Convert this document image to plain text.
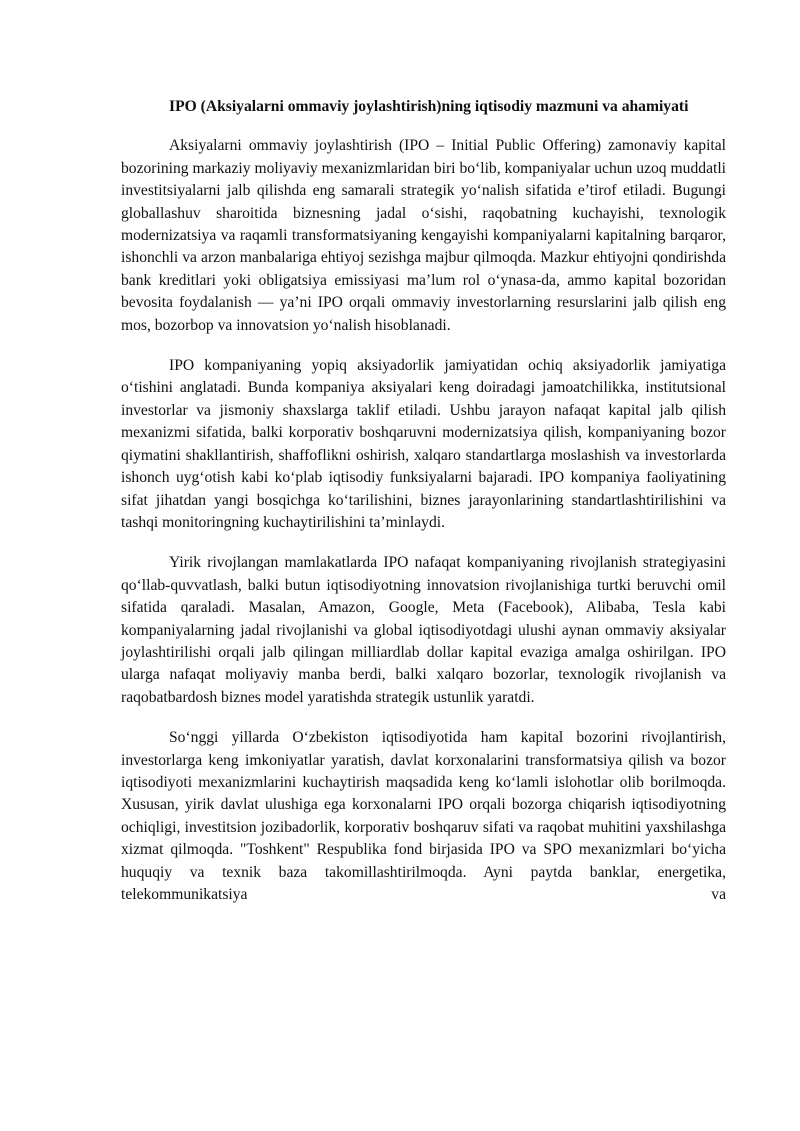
IPO (Aksiyalarni ommaviy joylashtirish)ning iqtisodiy mazmuni va ahamiyati

Aksiyalarni ommaviy joylashtirish (IPO – Initial Public Offering) zamonaviy kapital bozorining markaziy moliyaviy mexanizmlaridan biri bo‘lib, kompaniyalar uchun uzoq muddatli investitsiyalarni jalb qilishda eng samarali strategik yo‘nalish sifatida e’tirof etiladi. Bugungi globallashuv sharoitida biznesning jadal o‘sishi, raqobatning kuchayishi, texnologik modernizatsiya va raqamli transformatsiyaning kengayishi kompaniyalarni kapitalning barqaror, ishonchli va arzon manbalariga ehtiyoj sezishga majbur qilmoqda. Mazkur ehtiyojni qondirishda bank kreditlari yoki obligatsiya emissiyasi ma’lum rol o‘ynasa-da, ammo kapital bozoridan bevosita foydalanish — ya’ni IPO orqali ommaviy investorlarning resurslarini jalb qilish eng mos, bozorbop va innovatsion yo‘nalish hisoblanadi.

IPO kompaniyaning yopiq aksiyadorlik jamiyatidan ochiq aksiyadorlik jamiyatiga o‘tishini anglatadi. Bunda kompaniya aksiyalari keng doiradagi jamoatchilikka, institutsional investorlar va jismoniy shaxslarga taklif etiladi. Ushbu jarayon nafaqat kapital jalb qilish mexanizmi sifatida, balki korporativ boshqaruvni modernizatsiya qilish, kompaniyaning bozor qiymatini shakllantirish, shaffoflikni oshirish, xalqaro standartlarga moslashish va investorlarda ishonch uyg‘otish kabi ko‘plab iqtisodiy funksiyalarni bajaradi. IPO kompaniya faoliyatining sifat jihatdan yangi bosqichga ko‘tarilishini, biznes jarayonlarining standartlashtirilishini va tashqi monitoringning kuchaytirilishini ta’minlaydi.

Yirik rivojlangan mamlakatlarda IPO nafaqat kompaniyaning rivojlanish strategiyasini qo‘llab-quvvatlash, balki butun iqtisodiyotning innovatsion rivojlanishiga turtki beruvchi omil sifatida qaraladi. Masalan, Amazon, Google, Meta (Facebook), Alibaba, Tesla kabi kompaniyalarning jadal rivojlanishi va global iqtisodiyotdagi ulushi aynan ommaviy aksiyalar joylashtirilishi orqali jalb qilingan milliardlab dollar kapital evaziga amalga oshirilgan. IPO ularga nafaqat moliyaviy manba berdi, balki xalqaro bozorlar, texnologik rivojlanish va raqobatbardosh biznes model yaratishda strategik ustunlik yaratdi.

So‘nggi yillarda O‘zbekiston iqtisodiyotida ham kapital bozorini rivojlantirish, investorlarga keng imkoniyatlar yaratish, davlat korxonalarini transformatsiya qilish va bozor iqtisodiyoti mexanizmlarini kuchaytirish maqsadida keng ko‘lamli islohotlar olib borilmoqda. Xususan, yirik davlat ulushiga ega korxonalarni IPO orqali bozorga chiqarish iqtisodiyotning ochiqligi, investitsion jozibadorlik, korporativ boshqaruv sifati va raqobat muhitini yaxshilashga xizmat qilmoqda. "Toshkent" Respublika fond birjasida IPO va SPO mexanizmlari bo‘yicha huquqiy va texnik baza takomillashtirilmoqda. Ayni paytda banklar, energetika, telekommunikatsiya va
